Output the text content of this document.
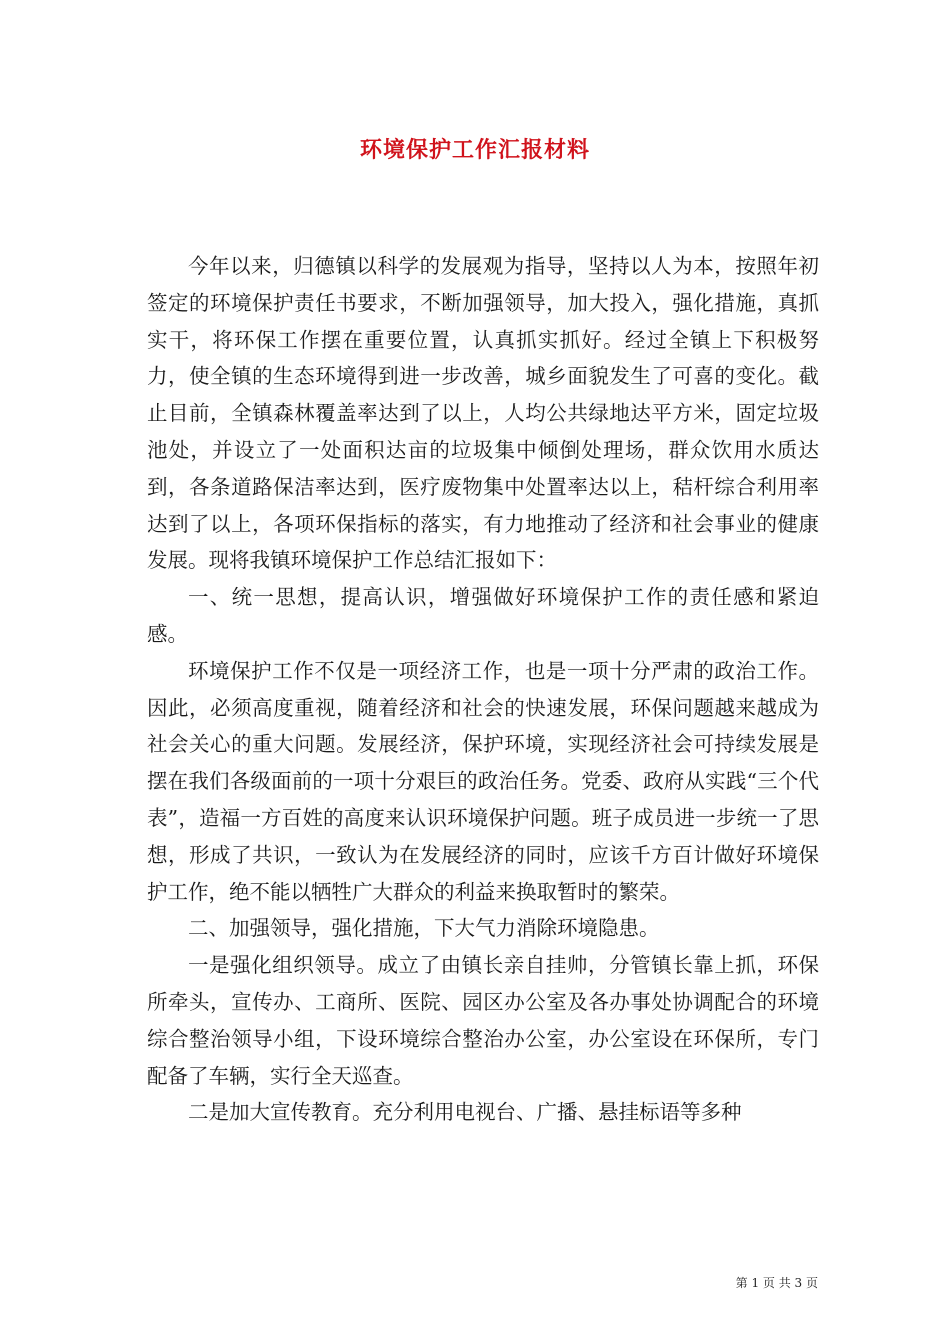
环境保护工作汇报材料

今年以来，归德镇以科学的发展观为指导，坚持以人为本，按照年初签定的环境保护责任书要求，不断加强领导，加大投入，强化措施，真抓实干，将环保工作摆在重要位置，认真抓实抓好。经过全镇上下积极努力，使全镇的生态环境得到进一步改善，城乡面貌发生了可喜的变化。截止目前，全镇森林覆盖率达到了以上，人均公共绿地达平方米，固定垃圾池处，并设立了一处面积达亩的垃圾集中倾倒处理场，群众饮用水质达到，各条道路保洁率达到，医疗废物集中处置率达以上，秸杆综合利用率达到了以上，各项环保指标的落实，有力地推动了经济和社会事业的健康发展。现将我镇环境保护工作总结汇报如下：

一、统一思想，提高认识，增强做好环境保护工作的责任感和紧迫感。

环境保护工作不仅是一项经济工作，也是一项十分严肃的政治工作。因此，必须高度重视，随着经济和社会的快速发展，环保问题越来越成为社会关心的重大问题。发展经济，保护环境，实现经济社会可持续发展是摆在我们各级面前的一项十分艰巨的政治任务。党委、政府从实践“三个代表”，造福一方百姓的高度来认识环境保护问题。班子成员进一步统一了思想，形成了共识，一致认为在发展经济的同时，应该千方百计做好环境保护工作，绝不能以牺牲广大群众的利益来换取暂时的繁荣。

二、加强领导，强化措施，下大气力消除环境隐患。

一是强化组织领导。成立了由镇长亲自挂帅，分管镇长靠上抓，环保所牵头，宣传办、工商所、医院、园区办公室及各办事处协调配合的环境综合整治领导小组，下设环境综合整治办公室，办公室设在环保所，专门配备了车辆，实行全天巡查。

二是加大宣传教育。充分利用电视台、广播、悬挂标语等多种

第 1 页 共 3 页
